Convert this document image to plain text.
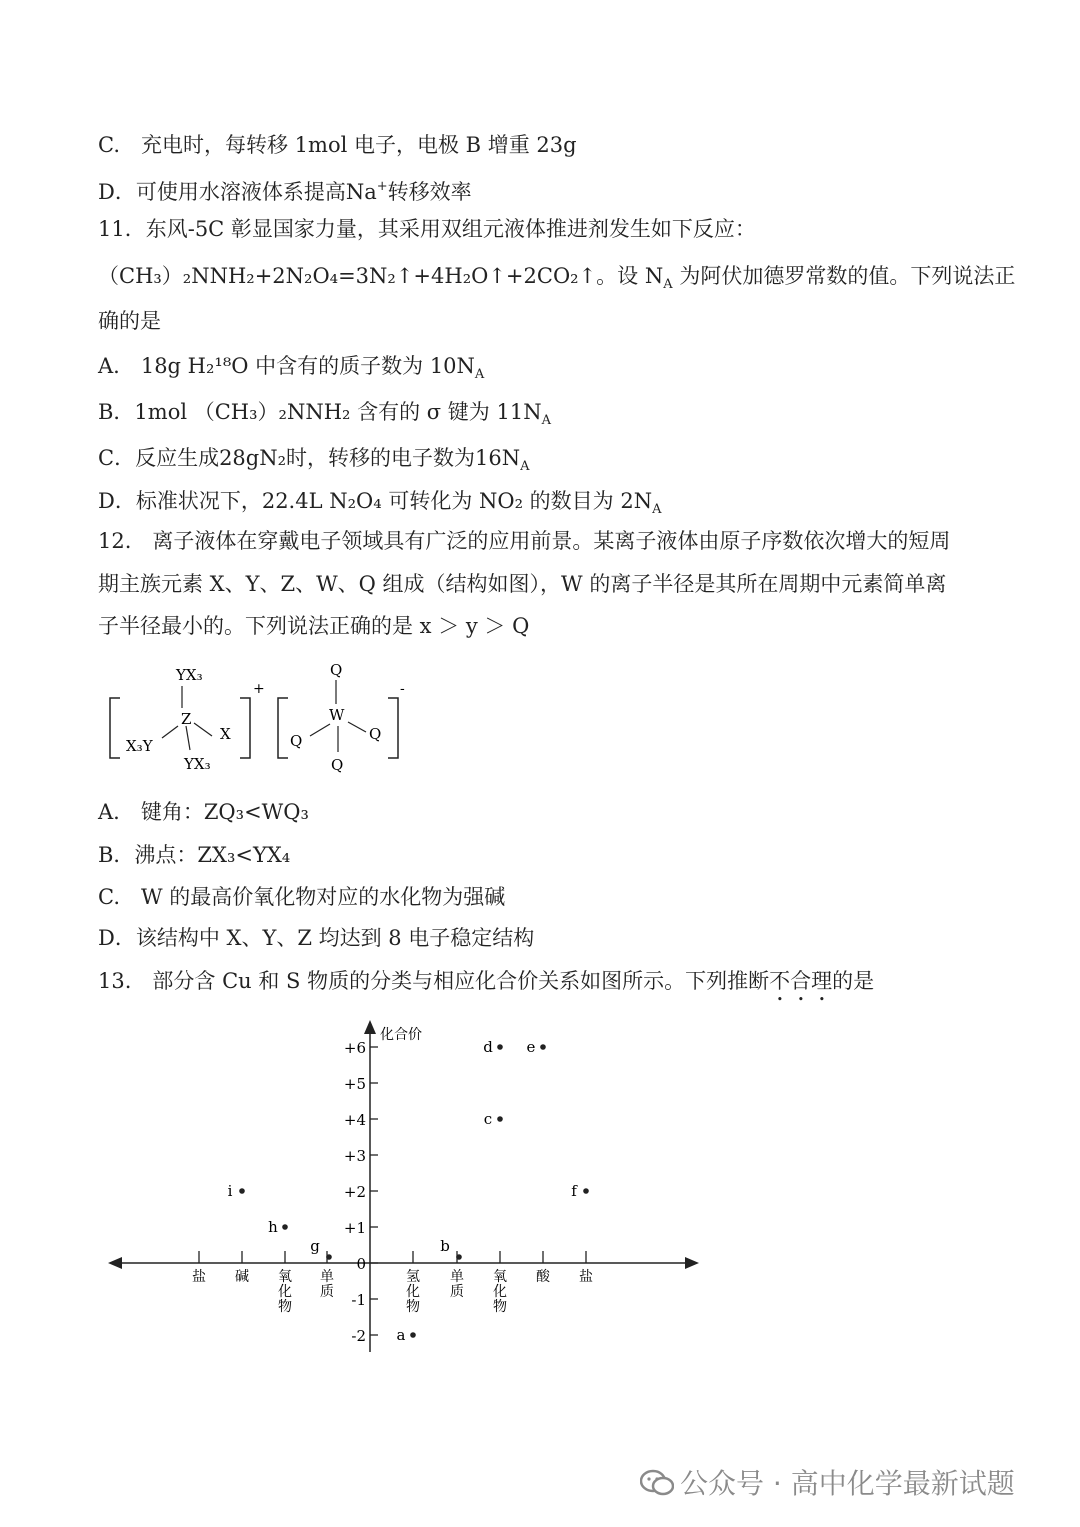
C.　充电时，每转移 1mol 电子，电极 B 增重 23g
D．可使用水溶液体系提高Na+转移效率
11．东风-5C 彰显国家力量，其采用双组元液体推进剂发生如下反应：
（CH₃）₂NNH₂+2N₂O₄=3N₂↑+4H₂O↑+2CO₂↑。设 $N_A$ 为阿伏加德罗常数的值。下列说法正
确的是
A.　18g H₂¹⁸O 中含有的质子数为 $10N_A$
B．1mol （CH₃）₂NNH₂ 含有的 σ 键为 $11N_A$
C．反应生成28gN₂时，转移的电子数为$16N_A$
D．标准状况下，22.4L N₂O₄ 可转化为 NO₂ 的数目为 $2N_A$
12.　离子液体在穿戴电子领域具有广泛的应用前景。某离子液体由原子序数依次增大的短周
期主族元素 X、Y、Z、W、Q 组成（结构如图），W 的离子半径是其所在周期中元素简单离
子半径最小的。下列说法正确的是 x ＞ y ＞ Q
+
YX₃
Z
X
X₃Y
YX₃
-
Q
W
Q
Q
Q
A.　键角：ZQ₃<WQ₃
B．沸点：ZX₃<YX₄
C.　W 的最高价氧化物对应的水化物为强碱
D．该结构中 X、Y、Z 均达到 8 电子稳定结构
13.　部分含 Cu 和 S 物质的分类与相应化合价关系如图所示。下列推断不合理的是
化合价
+6
+5
+4
+3
+2
+1
0
-1
-2
盐 碱 氧化物
单质
氢化物
单质
氧化物
酸 盐
a
b
c
d e
f
g
h
i
公众号 · 高中化学最新试题
